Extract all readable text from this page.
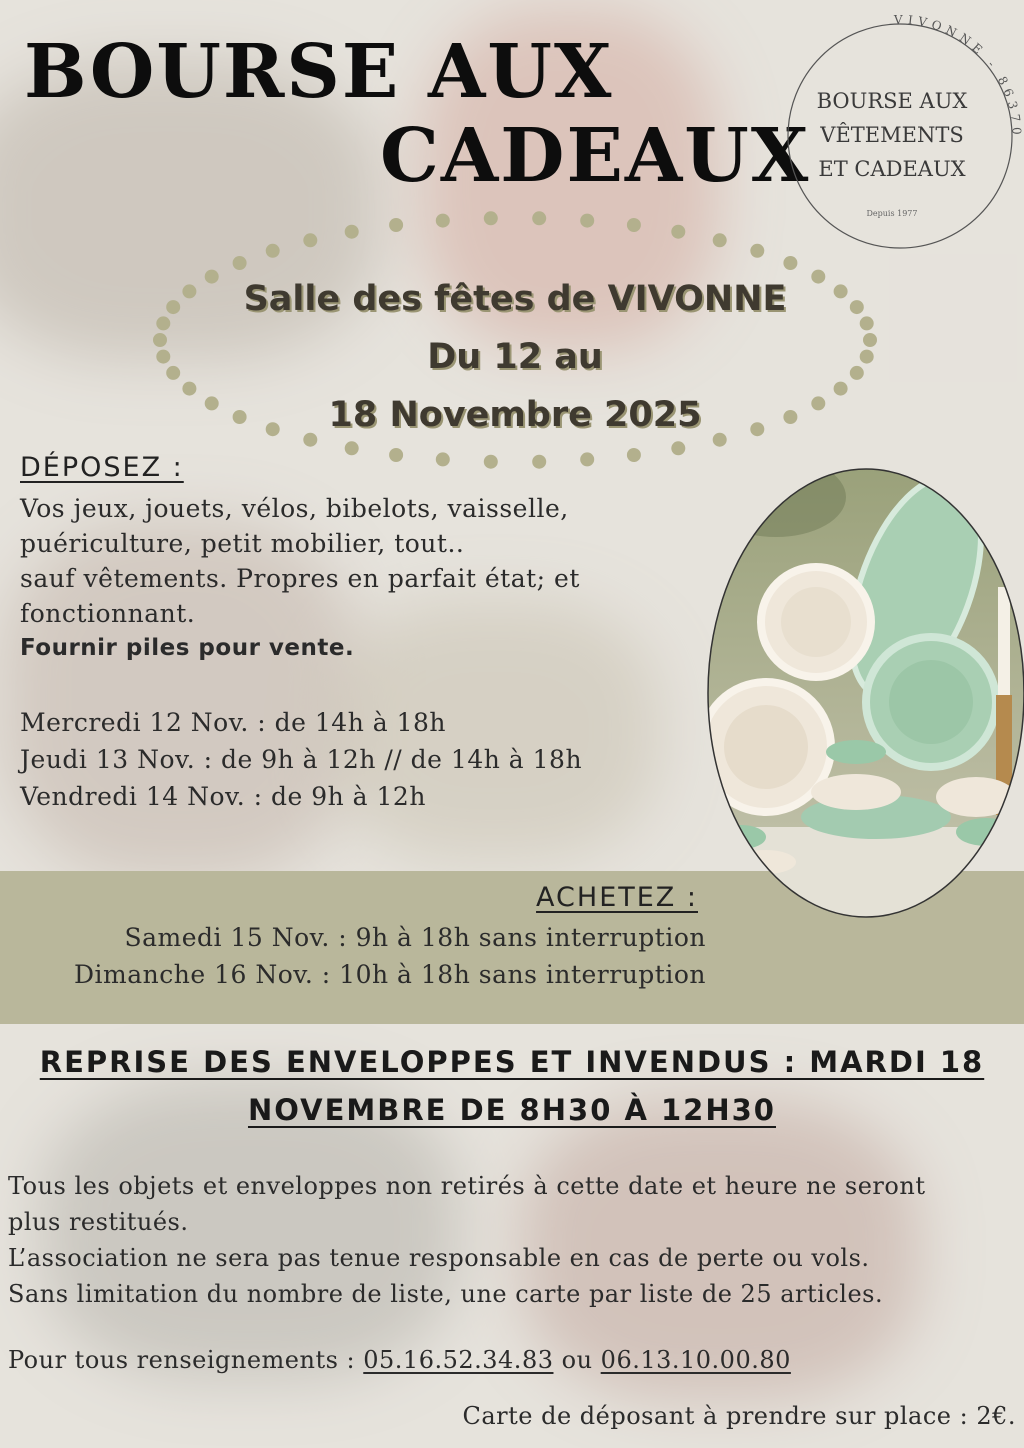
BOURSE AUX
CADEAUX
VIVONNE - 86370
BOURSE AUX
VÊTEMENTS
ET CADEAUX
Depuis 1977
Salle des fêtes de VIVONNE
Du 12 au
18 Novembre 2025
DÉPOSEZ :

Vos jeux, jouets, vélos, bibelots, vaisselle,

puériculture, petit mobilier, tout..

sauf vêtements. Propres en parfait état; et

fonctionnant.

Fournir piles pour vente.

Mercredi 12 Nov. : de 14h à 18h
Jeudi 13 Nov. : de 9h à 12h // de 14h à 18h
Vendredi 14 Nov. : de 9h à 12h
ACHETEZ :
Samedi 15 Nov. : 9h à 18h sans interruption
Dimanche 16 Nov. : 10h à 18h sans interruption
REPRISE DES ENVELOPPES ET INVENDUS : MARDI 18
NOVEMBRE DE 8H30 À 12H30

Tous les objets et enveloppes non retirés à cette date et heure ne seront

plus restitués.

L’association ne sera pas tenue responsable en cas de perte ou vols.

Sans limitation du nombre de liste, une carte par liste de 25 articles.

Pour tous renseignements : 05.16.52.34.83 ou 06.13.10.00.80
Carte de déposant à prendre sur place : 2€.
